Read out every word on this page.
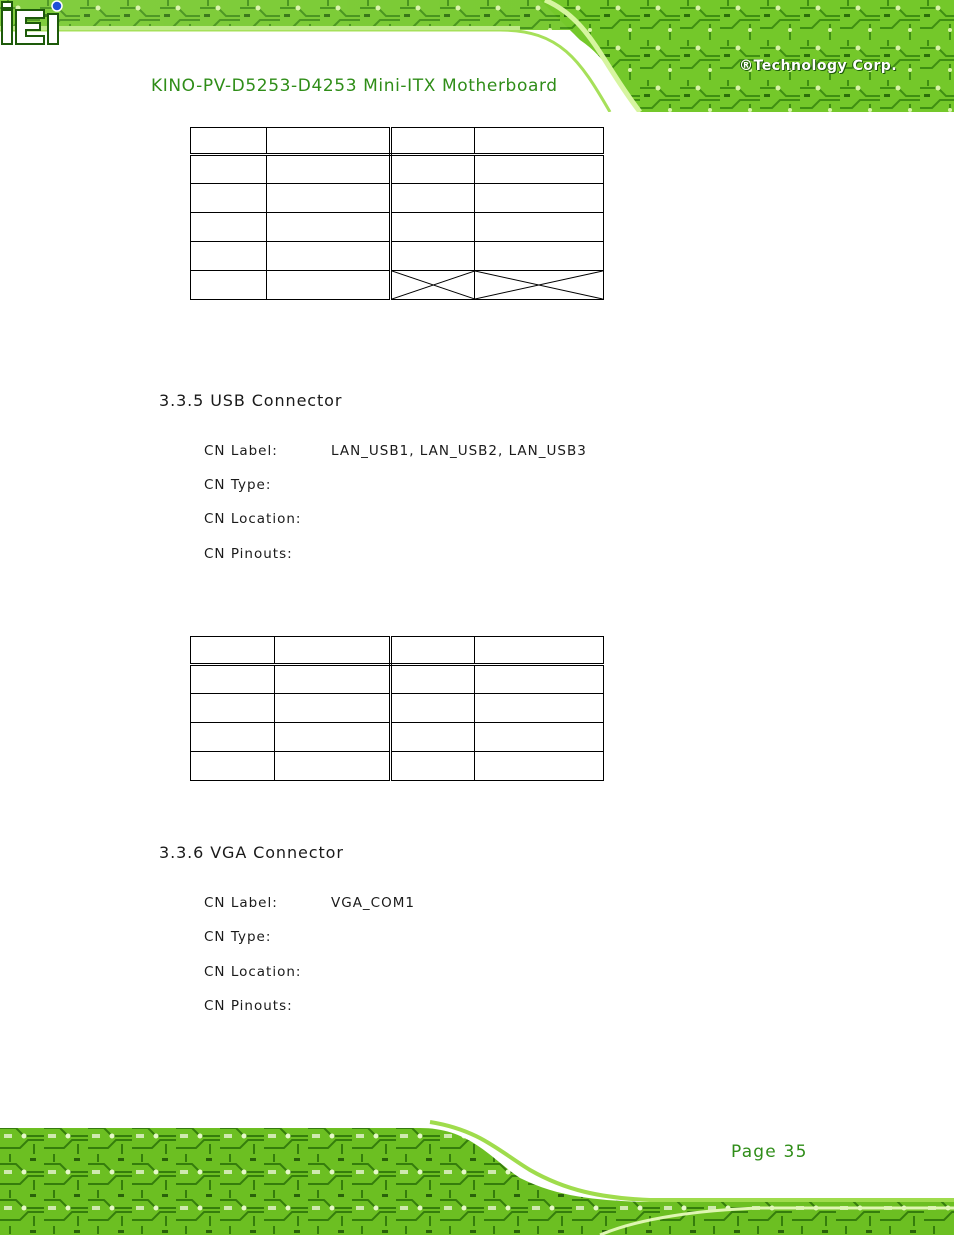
®Technology Corp.
KINO-PV-D5253-D4253 Mini-ITX Motherboard

3.3.5 USB Connector
CN Label:	LAN_USB1, LAN_USB2, LAN_USB3
CN Type:
CN Location:
CN Pinouts:

3.3.6 VGA Connector
CN Label:	VGA_COM1
CN Type:
CN Location:
CN Pinouts:
Page 35
